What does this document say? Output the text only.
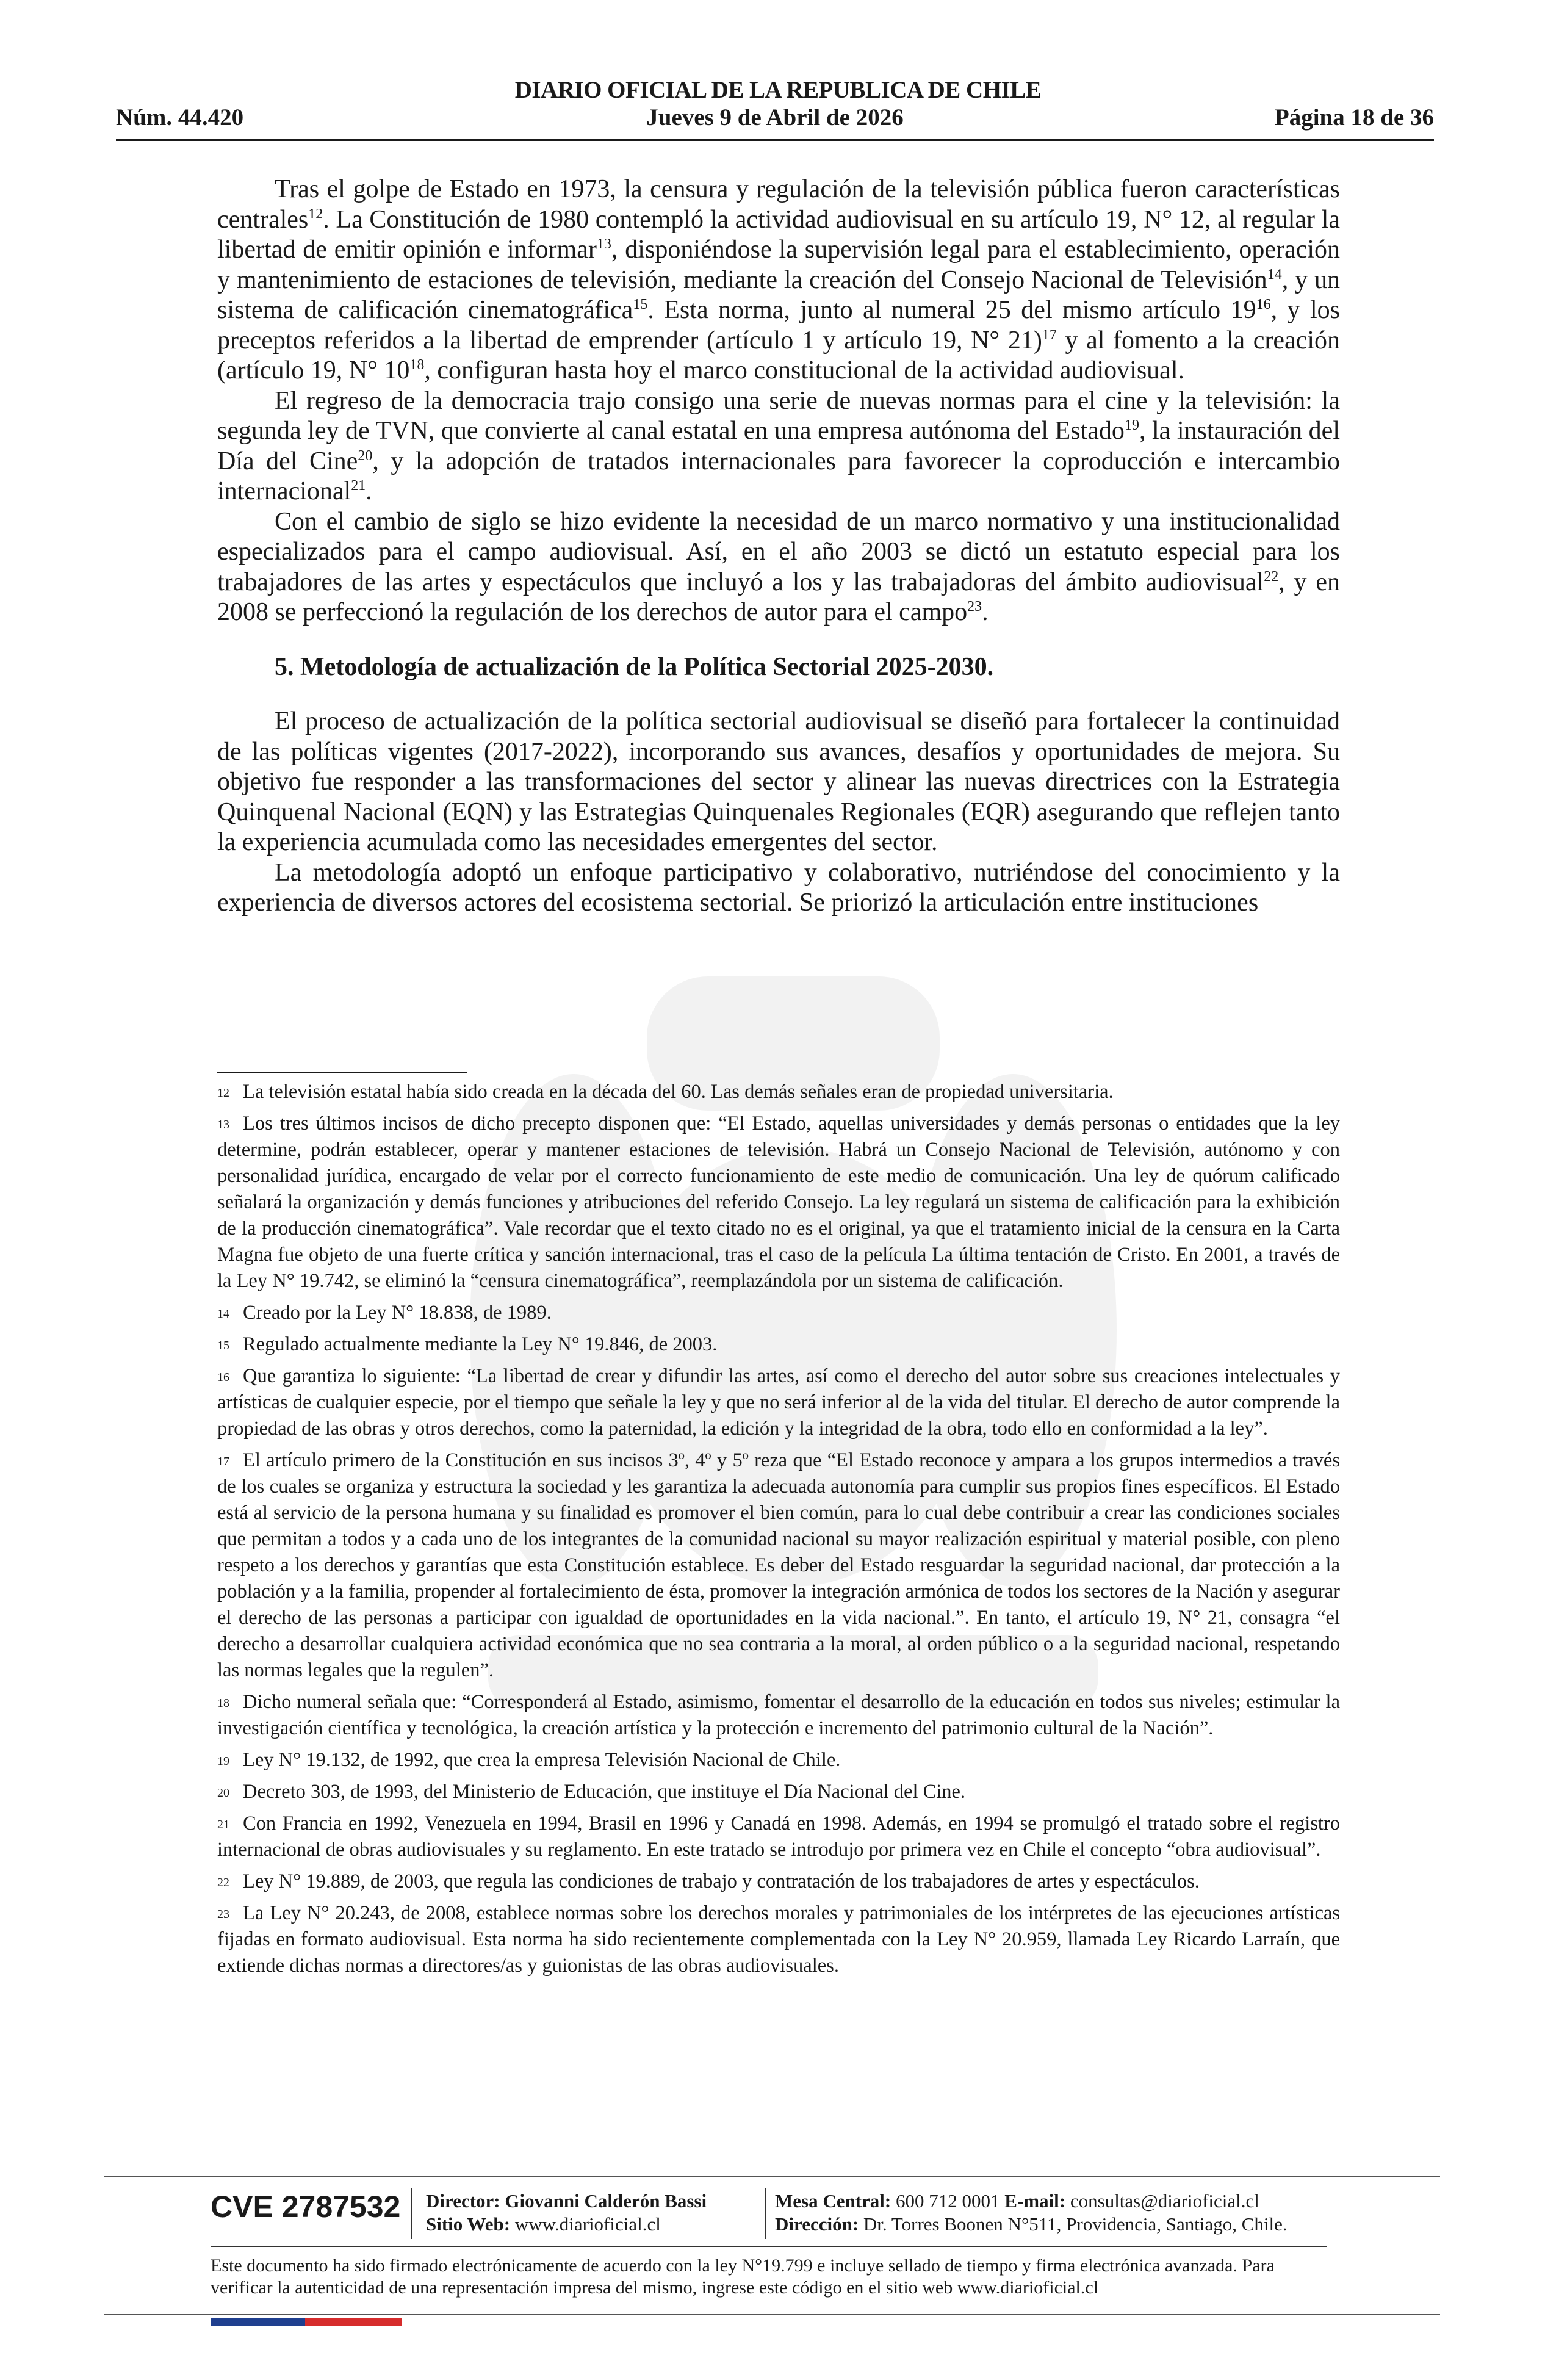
DIARIO OFICIAL DE LA REPUBLICA DE CHILE
Núm. 44.420	Jueves 9 de Abril de 2026	Página 18 de 36

Tras el golpe de Estado en 1973, la censura y regulación de la televisión pública fueron características centrales$^{12}$. La Constitución de 1980 contempló la actividad audiovisual en su artículo 19, N° 12, al regular la libertad de emitir opinión e informar$^{13}$, disponiéndose la supervisión legal para el establecimiento, operación y mantenimiento de estaciones de televisión, mediante la creación del Consejo Nacional de Televisión$^{14}$, y un sistema de calificación cinematográfica$^{15}$. Esta norma, junto al numeral 25 del mismo artículo $19^{16}$, y los preceptos referidos a la libertad de emprender (artículo 1 y artículo 19, N° 21)$^{17}$ y al fomento a la creación (artículo 19, N° $10^{18}$, configuran hasta hoy el marco constitucional de la actividad audiovisual.

El regreso de la democracia trajo consigo una serie de nuevas normas para el cine y la televisión: la segunda ley de TVN, que convierte al canal estatal en una empresa autónoma del Estado$^{19}$, la instauración del Día del Cine$^{20}$, y la adopción de tratados internacionales para favorecer la coproducción e intercambio internacional$^{21}$.

Con el cambio de siglo se hizo evidente la necesidad de un marco normativo y una institucionalidad especializados para el campo audiovisual. Así, en el año 2003 se dictó un estatuto especial para los trabajadores de las artes y espectáculos que incluyó a los y las trabajadoras del ámbito audiovisual$^{22}$, y en 2008 se perfeccionó la regulación de los derechos de autor para el campo$^{23}$.

5. Metodología de actualización de la Política Sectorial 2025-2030.

El proceso de actualización de la política sectorial audiovisual se diseñó para fortalecer la continuidad de las políticas vigentes (2017-2022), incorporando sus avances, desafíos y oportunidades de mejora. Su objetivo fue responder a las transformaciones del sector y alinear las nuevas directrices con la Estrategia Quinquenal Nacional (EQN) y las Estrategias Quinquenales Regionales (EQR) asegurando que reflejen tanto la experiencia acumulada como las necesidades emergentes del sector.

La metodología adoptó un enfoque participativo y colaborativo, nutriéndose del conocimiento y la experiencia de diversos actores del ecosistema sectorial. Se priorizó la articulación entre instituciones

$^{12}$ La televisión estatal había sido creada en la década del 60. Las demás señales eran de propiedad universitaria.

$^{13}$ Los tres últimos incisos de dicho precepto disponen que: “El Estado, aquellas universidades y demás personas o entidades que la ley determine, podrán establecer, operar y mantener estaciones de televisión. Habrá un Consejo Nacional de Televisión, autónomo y con personalidad jurídica, encargado de velar por el correcto funcionamiento de este medio de comunicación. Una ley de quórum calificado señalará la organización y demás funciones y atribuciones del referido Consejo. La ley regulará un sistema de calificación para la exhibición de la producción cinematográfica”. Vale recordar que el texto citado no es el original, ya que el tratamiento inicial de la censura en la Carta Magna fue objeto de una fuerte crítica y sanción internacional, tras el caso de la película La última tentación de Cristo. En 2001, a través de la Ley N° 19.742, se eliminó la “censura cinematográfica”, reemplazándola por un sistema de calificación.

$^{14}$ Creado por la Ley N° 18.838, de 1989.

$^{15}$ Regulado actualmente mediante la Ley N° 19.846, de 2003.

$^{16}$ Que garantiza lo siguiente: “La libertad de crear y difundir las artes, así como el derecho del autor sobre sus creaciones intelectuales y artísticas de cualquier especie, por el tiempo que señale la ley y que no será inferior al de la vida del titular. El derecho de autor comprende la propiedad de las obras y otros derechos, como la paternidad, la edición y la integridad de la obra, todo ello en conformidad a la ley”.

$^{17}$ El artículo primero de la Constitución en sus incisos 3º, 4º y 5º reza que “El Estado reconoce y ampara a los grupos intermedios a través de los cuales se organiza y estructura la sociedad y les garantiza la adecuada autonomía para cumplir sus propios fines específicos. El Estado está al servicio de la persona humana y su finalidad es promover el bien común, para lo cual debe contribuir a crear las condiciones sociales que permitan a todos y a cada uno de los integrantes de la comunidad nacional su mayor realización espiritual y material posible, con pleno respeto a los derechos y garantías que esta Constitución establece. Es deber del Estado resguardar la seguridad nacional, dar protección a la población y a la familia, propender al fortalecimiento de ésta, promover la integración armónica de todos los sectores de la Nación y asegurar el derecho de las personas a participar con igualdad de oportunidades en la vida nacional.”. En tanto, el artículo 19, N° 21, consagra “el derecho a desarrollar cualquiera actividad económica que no sea contraria a la moral, al orden público o a la seguridad nacional, respetando las normas legales que la regulen”.

$^{18}$ Dicho numeral señala que: “Corresponderá al Estado, asimismo, fomentar el desarrollo de la educación en todos sus niveles; estimular la investigación científica y tecnológica, la creación artística y la protección e incremento del patrimonio cultural de la Nación”.

$^{19}$ Ley N° 19.132, de 1992, que crea la empresa Televisión Nacional de Chile.

$^{20}$ Decreto 303, de 1993, del Ministerio de Educación, que instituye el Día Nacional del Cine.

$^{21}$ Con Francia en 1992, Venezuela en 1994, Brasil en 1996 y Canadá en 1998. Además, en 1994 se promulgó el tratado sobre el registro internacional de obras audiovisuales y su reglamento. En este tratado se introdujo por primera vez en Chile el concepto “obra audiovisual”.

$^{22}$ Ley N° 19.889, de 2003, que regula las condiciones de trabajo y contratación de los trabajadores de artes y espectáculos.

$^{23}$ La Ley N° 20.243, de 2008, establece normas sobre los derechos morales y patrimoniales de los intérpretes de las ejecuciones artísticas fijadas en formato audiovisual. Esta norma ha sido recientemente complementada con la Ley N° 20.959, llamada Ley Ricardo Larraín, que extiende dichas normas a directores/as y guionistas de las obras audiovisuales.

CVE 2787532 Director: Giovanni Calderón Bassi
Sitio Web: www.diarioficial.cl
Mesa Central: 600 712 0001 E-mail: consultas@diarioficial.cl
Dirección: Dr. Torres Boonen N°511, Providencia, Santiago, Chile.
Este documento ha sido firmado electrónicamente de acuerdo con la ley N°19.799 e incluye sellado de tiempo y firma electrónica avanzada. Para verificar la autenticidad de una representación impresa del mismo, ingrese este código en el sitio web www.diarioficial.cl
